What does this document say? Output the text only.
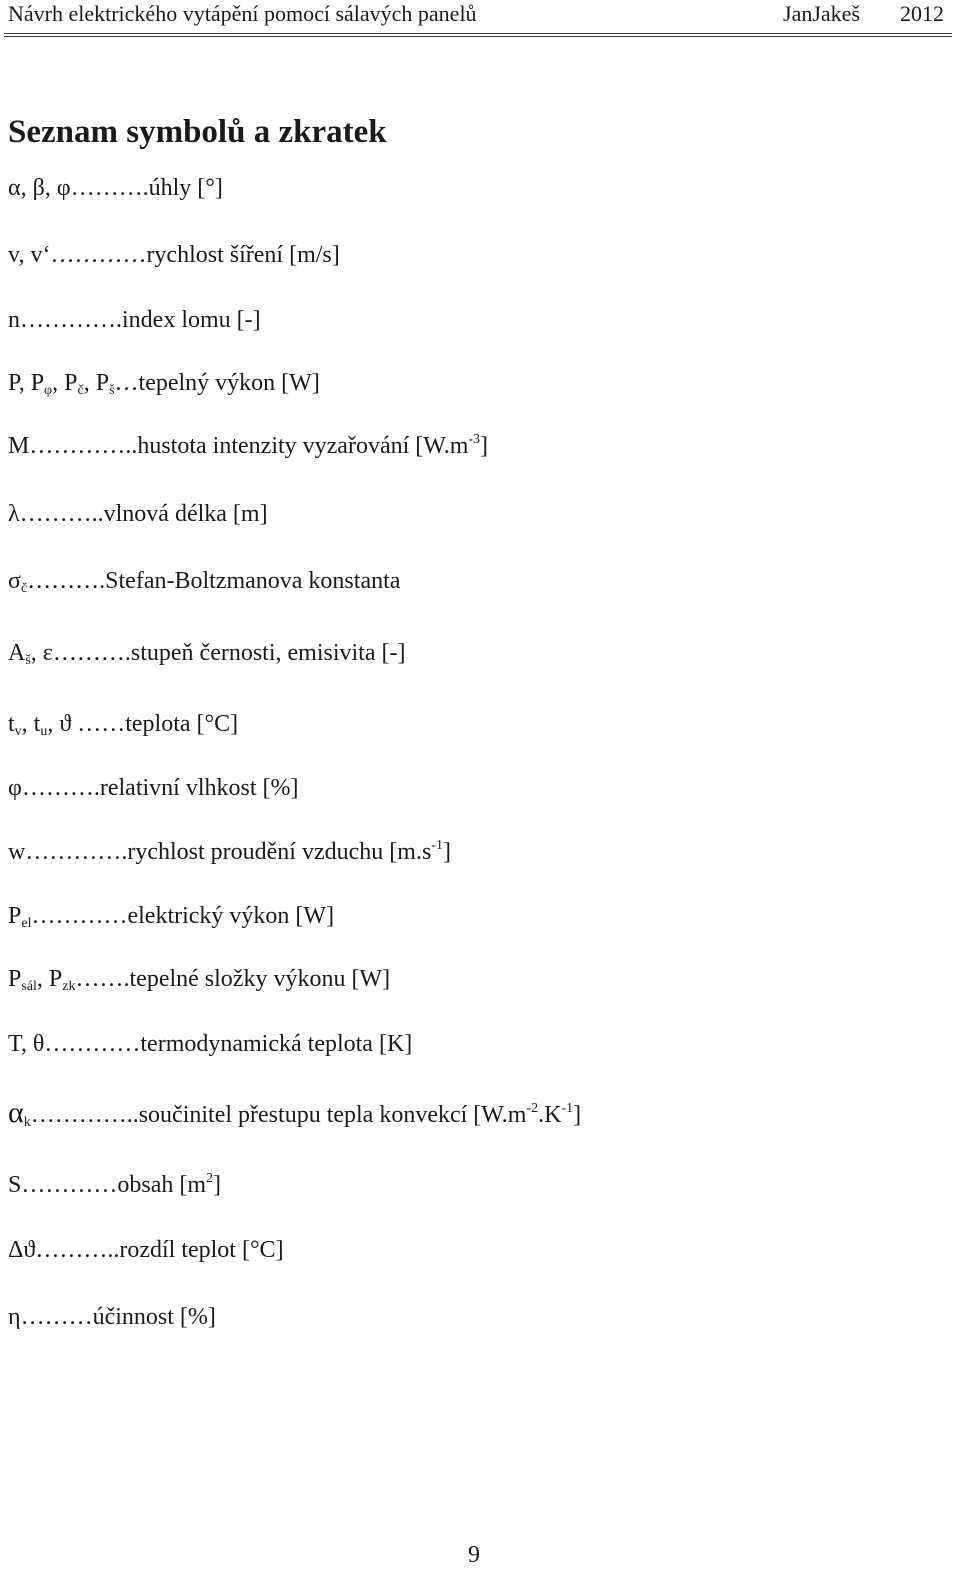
Návrh elektrického vytápění pomocí sálavých panelů	JanJakeš 2012
Seznam symbolů a zkratek
α, β, φ……….úhly [°]
v, v‘…………rychlost šíření [m/s]
n………….index lomu [-]
P, $P_\varphi$, $P_č$, $P_š\dots tepelný$ výkon [W]
M…………..hustota intenzity vyzařování $[W.m^{-3}]$
λ………..vlnová délka [m]
$\sigma_č\dots\dots\dots.Stefan$-Boltzmanova konstanta
$A_š$, ε……….stupeň černosti, emisivita [-]
$t_v$, $t_u$, ϑ ……teplota [°C]
φ……….relativní vlhkost [%]
w………….rychlost proudění vzduchu $[m.s^{-1}]$
$P_{el}\dots\dots\dots\dots elektrický$ výkon [W]
$P_{sál}$, $P_{zk}\dots\dots.tepelné$ složky výkonu [W]
T, θ…………termodynamická teplota [K]
$\alpha_k\dots\dots\dots\dots..součinitel$ přestupu tepla konvekcí $[W.m^{-2}.K^{-1}]$
S…………obsah $[m^2]$
Δϑ………..rozdíl teplot [°C]
η………účinnost [%]
9
